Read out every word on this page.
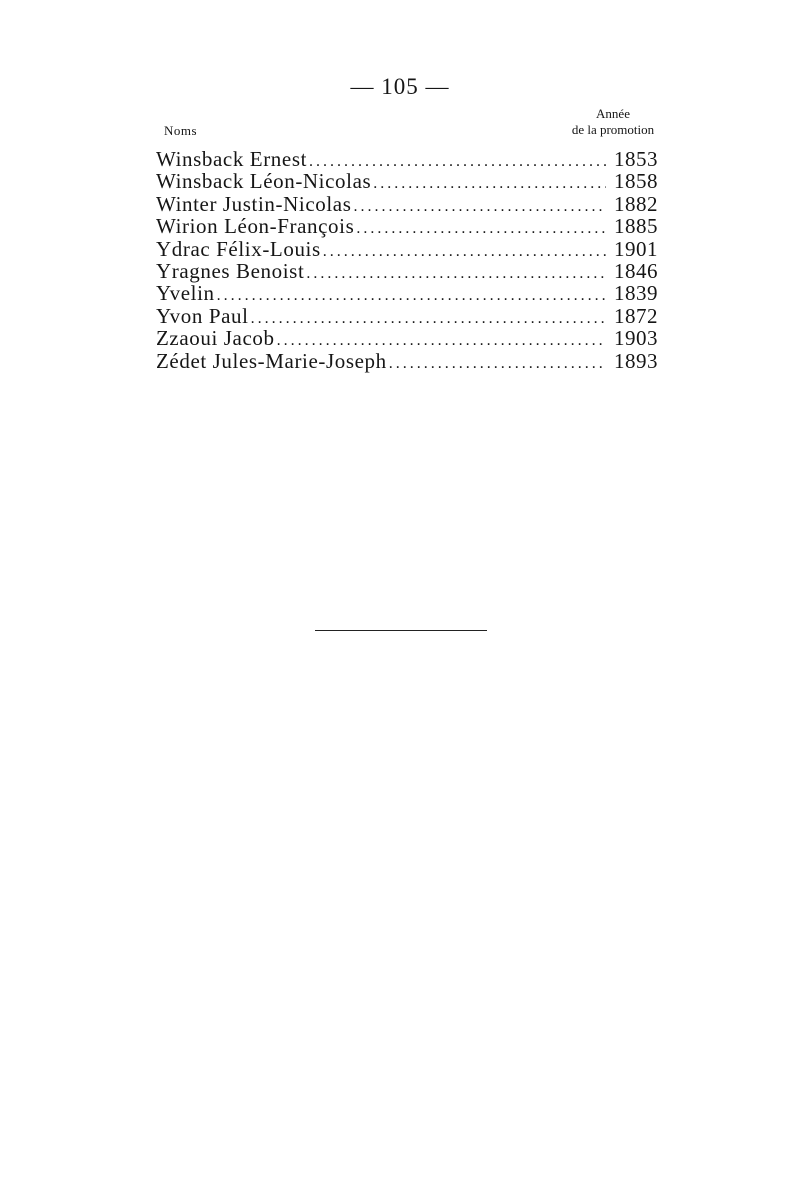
— 105 —
Noms
Année
de la promotion
Winsback Ernest .....	1853
Winsback Léon-Nicolas .....	1858
Winter Justin-Nicolas .....	1882
Wirion Léon-François .....	1885
Ydrac Félix-Louis .....	1901
Yragnes Benoist .....	1846
Yvelin .....	1839
Yvon Paul .....	1872
Zzaoui Jacob .....	1903
Zédet Jules-Marie-Joseph .....	1893
